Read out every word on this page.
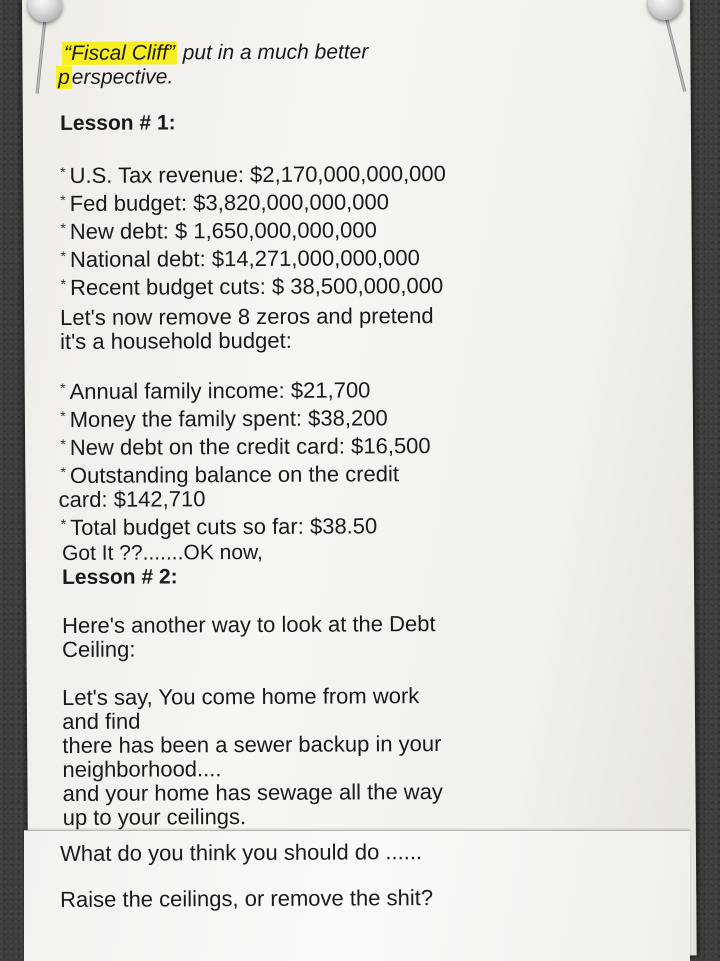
“Fiscal Cliff” put in a much better
perspective.
Lesson # 1:
* U.S. Tax revenue: $2,170,000,000,000
* Fed budget: $3,820,000,000,000
* New debt: $ 1,650,000,000,000
* National debt: $14,271,000,000,000
* Recent budget cuts: $ 38,500,000,000
Let's now remove 8 zeros and pretend
it's a household budget:
* Annual family income: $21,700
* Money the family spent: $38,200
* New debt on the credit card: $16,500
* Outstanding balance on the credit
card: $142,710
* Total budget cuts so far: $38.50
Got It ??.......OK now,
Lesson # 2:
Here's another way to look at the Debt
Ceiling:
Let's say, You come home from work
and find
there has been a sewer backup in your
neighborhood....
and your home has sewage all the way
up to your ceilings.
What do you think you should do ......
Raise the ceilings, or remove the shit?
